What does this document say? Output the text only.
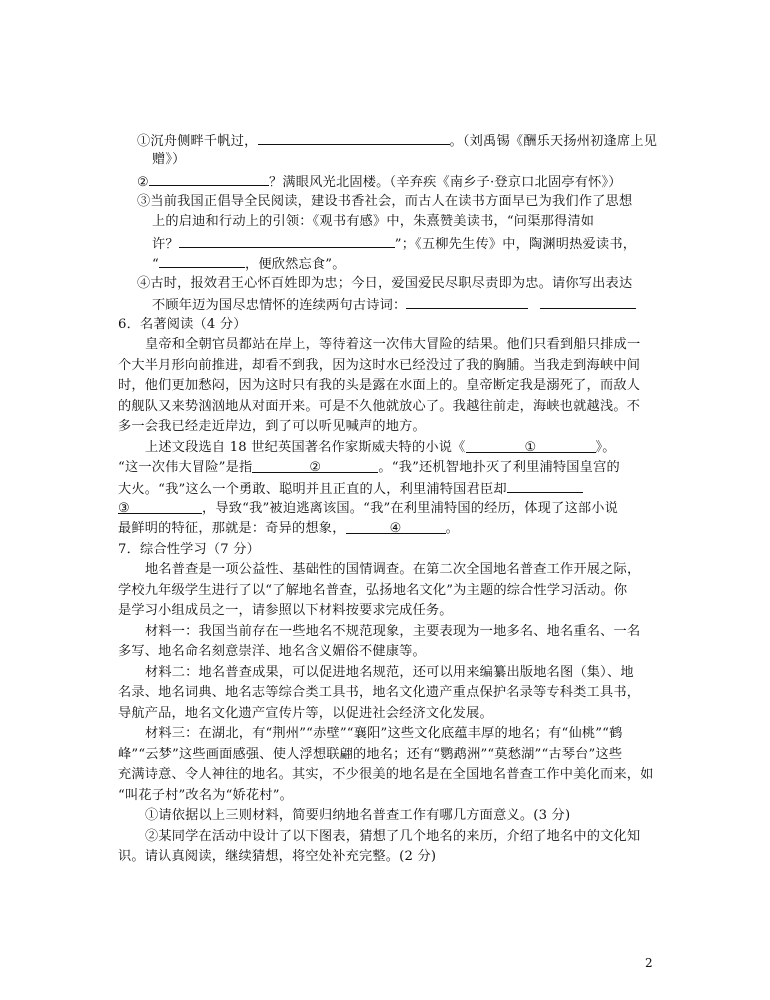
①沉舟侧畔千帆过，	。（刘禹锡《酬乐天扬州初逢席上见
赠》）
②	？满眼风光北固楼。（辛弃疾《南乡子·登京口北固亭有怀》）
③当前我国正倡导全民阅读，建设书香社会，而古人在读书方面早已为我们作了思想
上的启迪和行动上的引领：《观书有感》中，朱熹赞美读书，“问渠那得清如
许？	”；《五柳先生传》中，陶渊明热爱读书，
“	，便欣然忘食”。
④古时，报效君王心怀百姓即为忠；今日，爱国爱民尽职尽责即为忠。请你写出表达
不顾年迈为国尽忠情怀的连续两句古诗词：
6．名著阅读（4 分）
皇帝和全朝官员都站在岸上，等待着这一次伟大冒险的结果。他们只看到船只排成一
个大半月形向前推进，却看不到我，因为这时水已经没过了我的胸脯。当我走到海峡中间
时，他们更加愁闷，因为这时只有我的头是露在水面上的。皇帝断定我是溺死了，而敌人
的舰队又来势汹汹地从对面开来。可是不久他就放心了。我越往前走，海峡也就越浅。不
多一会我已经走近岸边，到了可以听见喊声的地方。
上述文段选自 18 世纪英国著名作家斯威夫特的小说《	①	》。
“这一次伟大冒险”是指	②	。“我”还机智地扑灭了利里浦特国皇宫的
大火。“我”这么一个勇敢、聪明并且正直的人，利里浦特国君臣却
③	，导致“我”被迫逃离该国。“我”在利里浦特国的经历，体现了这部小说
最鲜明的特征，那就是：奇异的想象，	④	。
7．综合性学习（7 分）
地名普查是一项公益性、基础性的国情调查。在第二次全国地名普查工作开展之际，
学校九年级学生进行了以“了解地名普查，弘扬地名文化”为主题的综合性学习活动。你
是学习小组成员之一，请参照以下材料按要求完成任务。
材料一：我国当前存在一些地名不规范现象，主要表现为一地多名、地名重名、一名
多写、地名命名刻意崇洋、地名含义媚俗不健康等。
材料二：地名普查成果，可以促进地名规范，还可以用来编纂出版地名图（集）、地
名录、地名词典、地名志等综合类工具书，地名文化遗产重点保护名录等专科类工具书，
导航产品，地名文化遗产宣传片等，以促进社会经济文化发展。
材料三：在湖北，有“荆州”“赤壁”“襄阳”这些文化底蕴丰厚的地名；有“仙桃”“鹤
峰”“云梦”这些画面感强、使人浮想联翩的地名；还有“鹦鹉洲”“莫愁湖”“古琴台”这些
充满诗意、令人神往的地名。其实，不少很美的地名是在全国地名普查工作中美化而来，如
“叫花子村”改名为“娇花村”。
①请依据以上三则材料，简要归纳地名普查工作有哪几方面意义。(3 分)
②某同学在活动中设计了以下图表，猜想了几个地名的来历，介绍了地名中的文化知
识。请认真阅读，继续猜想，将空处补充完整。(2 分)
2
